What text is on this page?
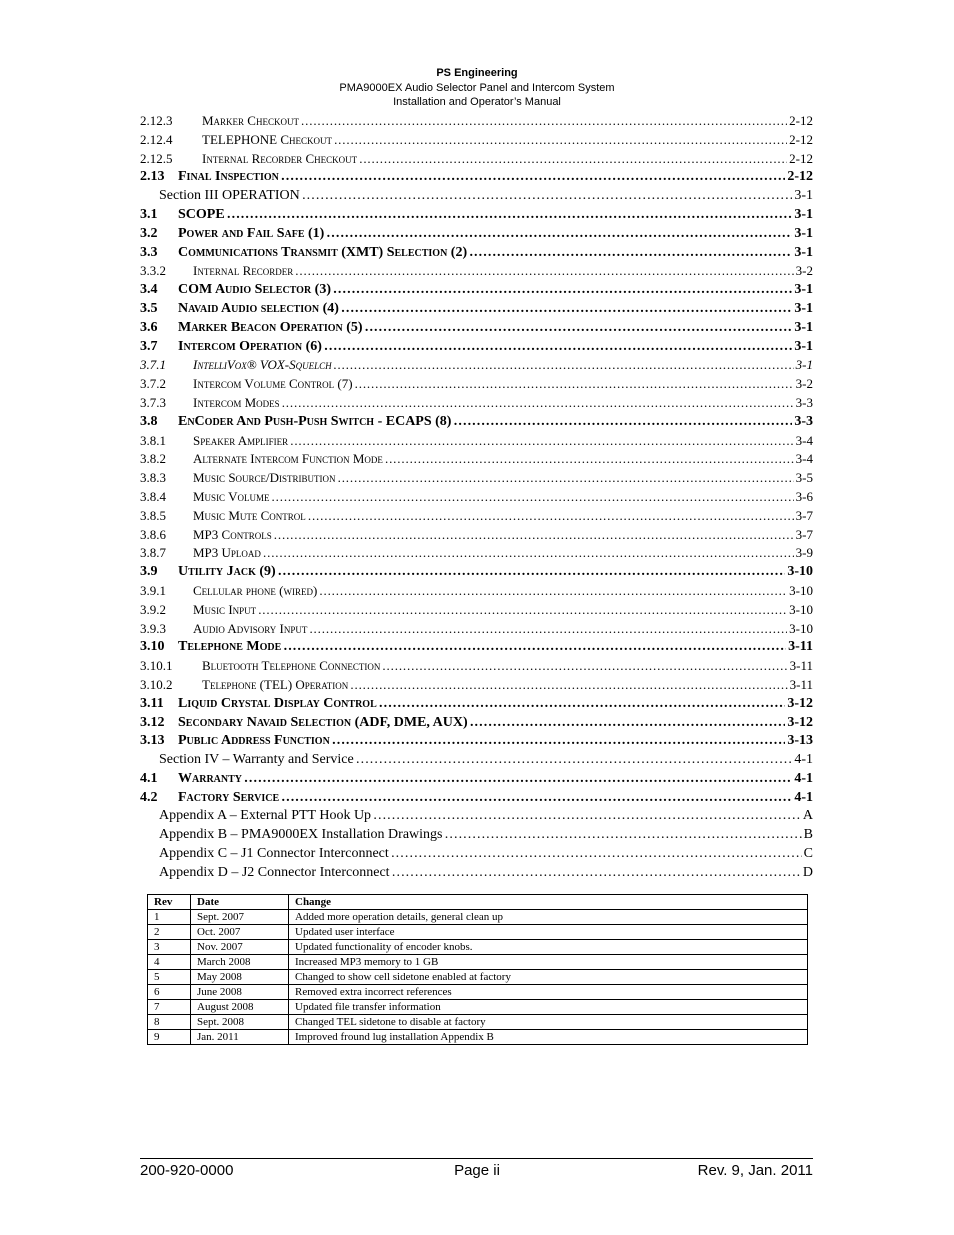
PS Engineering
PMA9000EX Audio Selector Panel and Intercom System
Installation and Operator’s Manual
2.12.3 Marker Checkout . . .	2-12
2.12.4 TELEPHONE Checkout . . .	2-12
2.12.5 Internal Recorder Checkout . . .	2-12
2.13 Final Inspection . . .	2-12
Section III OPERATION . . .	3-1
3.1 SCOPE . . .	3-1
3.2 Power and Fail Safe (1) . . .	3-1
3.3 Communications Transmit (XMT) Selection (2) . . .	3-1
3.3.2 Internal Recorder . . .	3-2
3.4 COM Audio Selector (3) . . .	3-1
3.5 Navaid Audio selection (4) . . .	3-1
3.6 Marker Beacon Operation (5) . . .	3-1
3.7 Intercom Operation (6) . . .	3-1
3.7.1 IntelliVox® VOX-Squelch . . .	3-1
3.7.2 Intercom Volume Control (7) . . .	3-2
3.7.3 Intercom Modes . . .	3-3
3.8 EnCoder And Push-Push Switch - ECAPS (8) . . .	3-3
3.8.1 Speaker Amplifier . . .	3-4
3.8.2 Alternate Intercom Function Mode . . .	3-4
3.8.3 Music Source/Distribution . . .	3-5
3.8.4 Music Volume . . .	3-6
3.8.5 Music Mute Control . . .	3-7
3.8.6 MP3 Controls . . .	3-7
3.8.7 MP3 Upload . . .	3-9
3.9 Utility Jack (9) . . .	3-10
3.9.1 Cellular phone (wired) . . .	3-10
3.9.2 Music Input . . .	3-10
3.9.3 Audio Advisory Input . . .	3-10
3.10 Telephone Mode . . .	3-11
3.10.1 Bluetooth Telephone Connection . . .	3-11
3.10.2 Telephone (TEL) Operation . . .	3-11
3.11 Liquid Crystal Display Control . . .	3-12
3.12 Secondary Navaid Selection (ADF, DME, AUX) . . .	3-12
3.13 Public Address Function . . .	3-13
Section IV – Warranty and Service . . .	4-1
4.1 Warranty . . .	4-1
4.2 Factory Service . . .	4-1
Appendix A – External PTT Hook Up . . .	A
Appendix B – PMA9000EX Installation Drawings . . .	B
Appendix C – J1 Connector Interconnect . . .	C
Appendix D – J2 Connector Interconnect . . .	D
Rev	Date	Change
1	Sept. 2007	Added more operation details, general clean up
2	Oct. 2007	Updated user interface
3	Nov. 2007	Updated functionality of encoder knobs.
4	March 2008	Increased MP3 memory to 1 GB
5	May 2008	Changed to show cell sidetone enabled at factory
6	June 2008	Removed extra incorrect references
7	August 2008	Updated file transfer information
8	Sept. 2008	Changed TEL sidetone to disable at factory
9	Jan. 2011	Improved fround lug installation Appendix B
Page ii
200-920-0000	Rev. 9, Jan. 2011
